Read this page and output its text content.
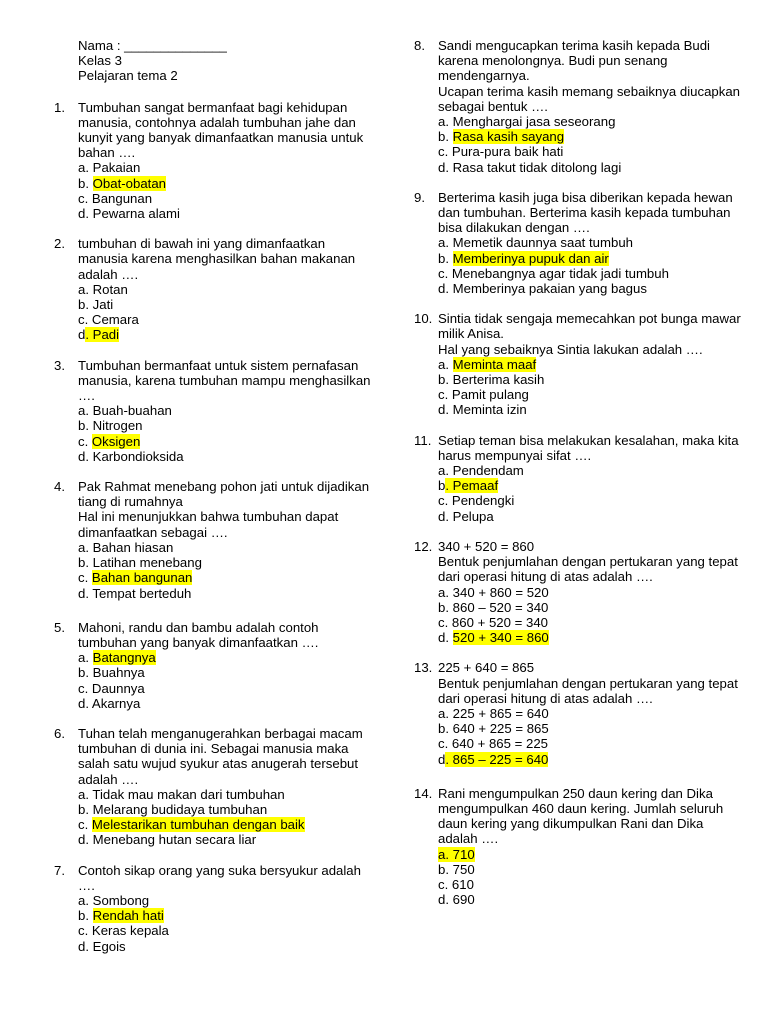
Nama : ______________
Kelas 3
Pelajaran tema 2
1. Tumbuhan sangat bermanfaat bagi kehidupan manusia, contohnya adalah tumbuhan jahe dan kunyit yang banyak dimanfaatkan manusia untuk bahan ….
a. Pakaian
b. Obat-obatan
c. Bangunan
d. Pewarna alami
2. tumbuhan di bawah ini yang dimanfaatkan manusia karena menghasilkan bahan makanan adalah ….
a. Rotan
b. Jati
c. Cemara
d. Padi
3. Tumbuhan bermanfaat untuk sistem pernafasan manusia, karena tumbuhan mampu menghasilkan ….
a. Buah-buahan
b. Nitrogen
c. Oksigen
d. Karbondioksida
4. Pak Rahmat menebang pohon jati untuk dijadikan tiang di rumahnya
Hal ini menunjukkan bahwa tumbuhan dapat dimanfaatkan sebagai ….
a. Bahan hiasan
b. Latihan menebang
c. Bahan bangunan
d. Tempat berteduh
5. Mahoni, randu dan bambu adalah contoh tumbuhan yang banyak dimanfaatkan ….
a. Batangnya
b. Buahnya
c. Daunnya
d. Akarnya
6. Tuhan telah menganugerahkan berbagai macam tumbuhan di dunia ini. Sebagai manusia maka salah satu wujud syukur atas anugerah tersebut adalah ….
a. Tidak mau makan dari tumbuhan
b. Melarang budidaya tumbuhan
c. Melestarikan tumbuhan dengan baik
d. Menebang hutan secara liar
7. Contoh sikap orang yang suka bersyukur adalah ….
a. Sombong
b. Rendah hati
c. Keras kepala
d. Egois
8. Sandi mengucapkan terima kasih kepada Budi karena menolongnya. Budi pun senang mendengarnya.
Ucapan terima kasih memang sebaiknya diucapkan sebagai bentuk ….
a. Menghargai jasa seseorang
b. Rasa kasih sayang
c. Pura-pura baik hati
d. Rasa takut tidak ditolong lagi
9. Berterima kasih juga bisa diberikan kepada hewan dan tumbuhan. Berterima kasih kepada tumbuhan bisa dilakukan dengan ….
a. Memetik daunnya saat tumbuh
b. Memberinya pupuk dan air
c. Menebangnya agar tidak jadi tumbuh
d. Memberinya pakaian yang bagus
10. Sintia tidak sengaja memecahkan pot bunga mawar milik Anisa.
Hal yang sebaiknya Sintia lakukan adalah ….
a. Meminta maaf
b. Berterima kasih
c. Pamit pulang
d. Meminta izin
11. Setiap teman bisa melakukan kesalahan, maka kita harus mempunyai sifat ….
a. Pendendam
b. Pemaaf
c. Pendengki
d. Pelupa
12. 340 + 520 = 860
Bentuk penjumlahan dengan pertukaran yang tepat dari operasi hitung di atas adalah ….
a. 340 + 860 = 520
b. 860 – 520 = 340
c. 860 + 520 = 340
d. 520 + 340 = 860
13. 225 + 640 = 865
Bentuk penjumlahan dengan pertukaran yang tepat dari operasi hitung di atas adalah ….
a. 225 + 865 = 640
b. 640 + 225 = 865
c. 640 + 865 = 225
d. 865 – 225 = 640
14. Rani mengumpulkan 250 daun kering dan Dika mengumpulkan 460 daun kering. Jumlah seluruh daun kering yang dikumpulkan Rani dan Dika adalah ….
a. 710
b. 750
c. 610
d. 690
